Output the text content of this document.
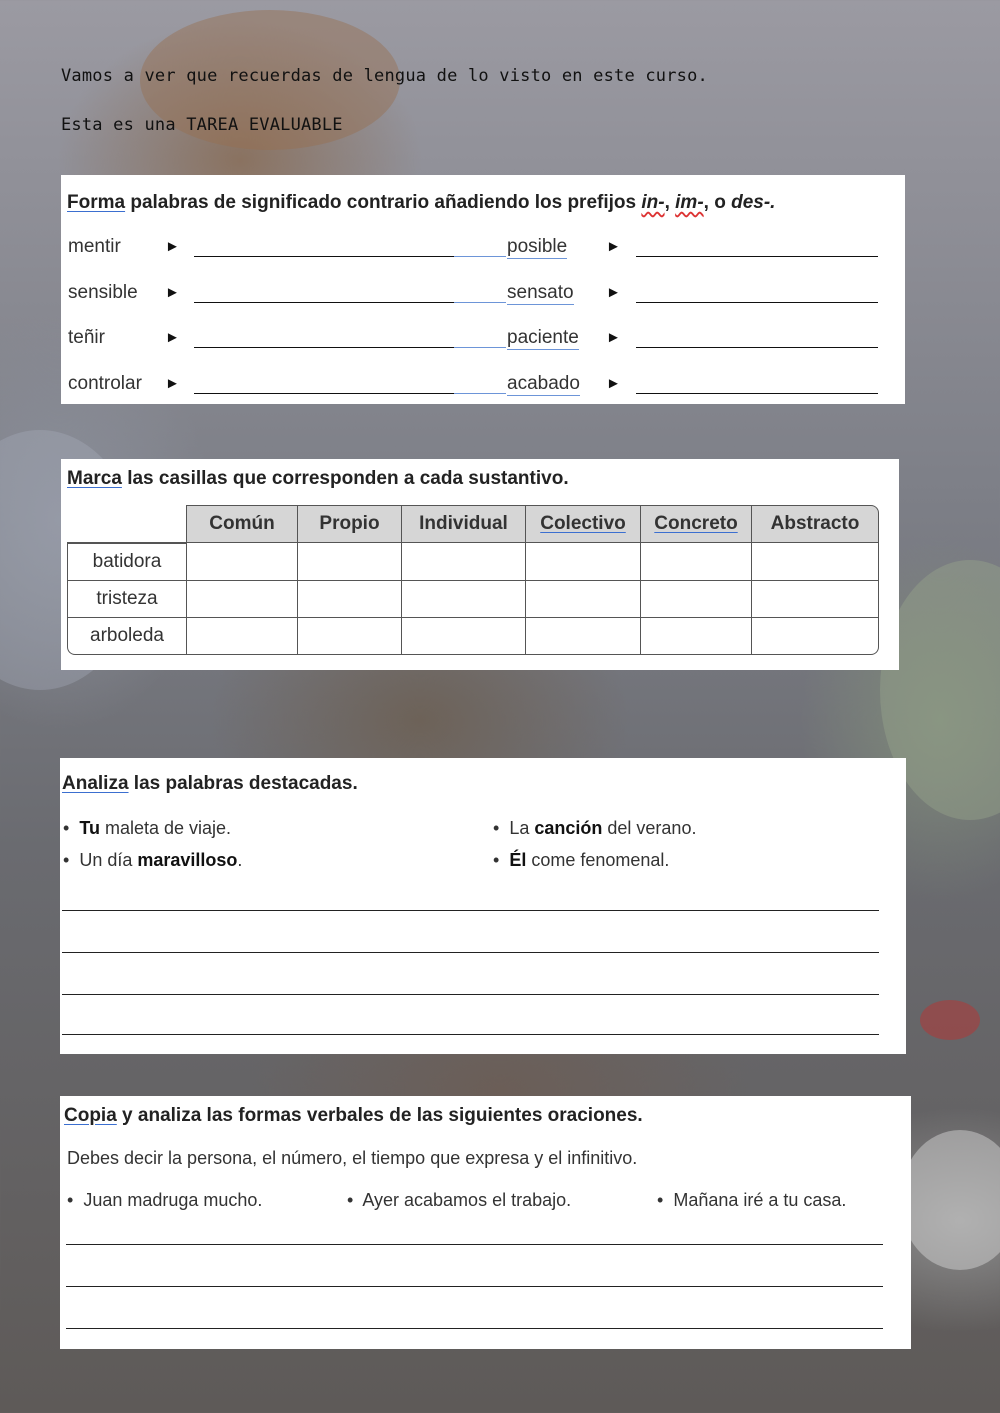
Vamos a ver que recuerdas de lengua de lo visto en este curso.
Esta es una TAREA EVALUABLE
Forma palabras de significado contrario añadiendo los prefijos in-, im-, o des-.
mentir	►	posible	►
sensible ►	sensato ►
teñir	►	paciente ►
controlar ►	acabado ►
Marca las casillas que corresponden a cada sustantivo.
	Común	Propio	Individual	Colectivo	Concreto	Abstracto
batidora						
tristeza						
arboleda						
Analiza las palabras destacadas.
• Tu maleta de viaje.
• Un día maravilloso.
• La canción del verano.
• Él come fenomenal.
Copia y analiza las formas verbales de las siguientes oraciones.
Debes decir la persona, el número, el tiempo que expresa y el infinitivo.
• Juan madruga mucho.	• Ayer acabamos el trabajo.	• Mañana iré a tu casa.
